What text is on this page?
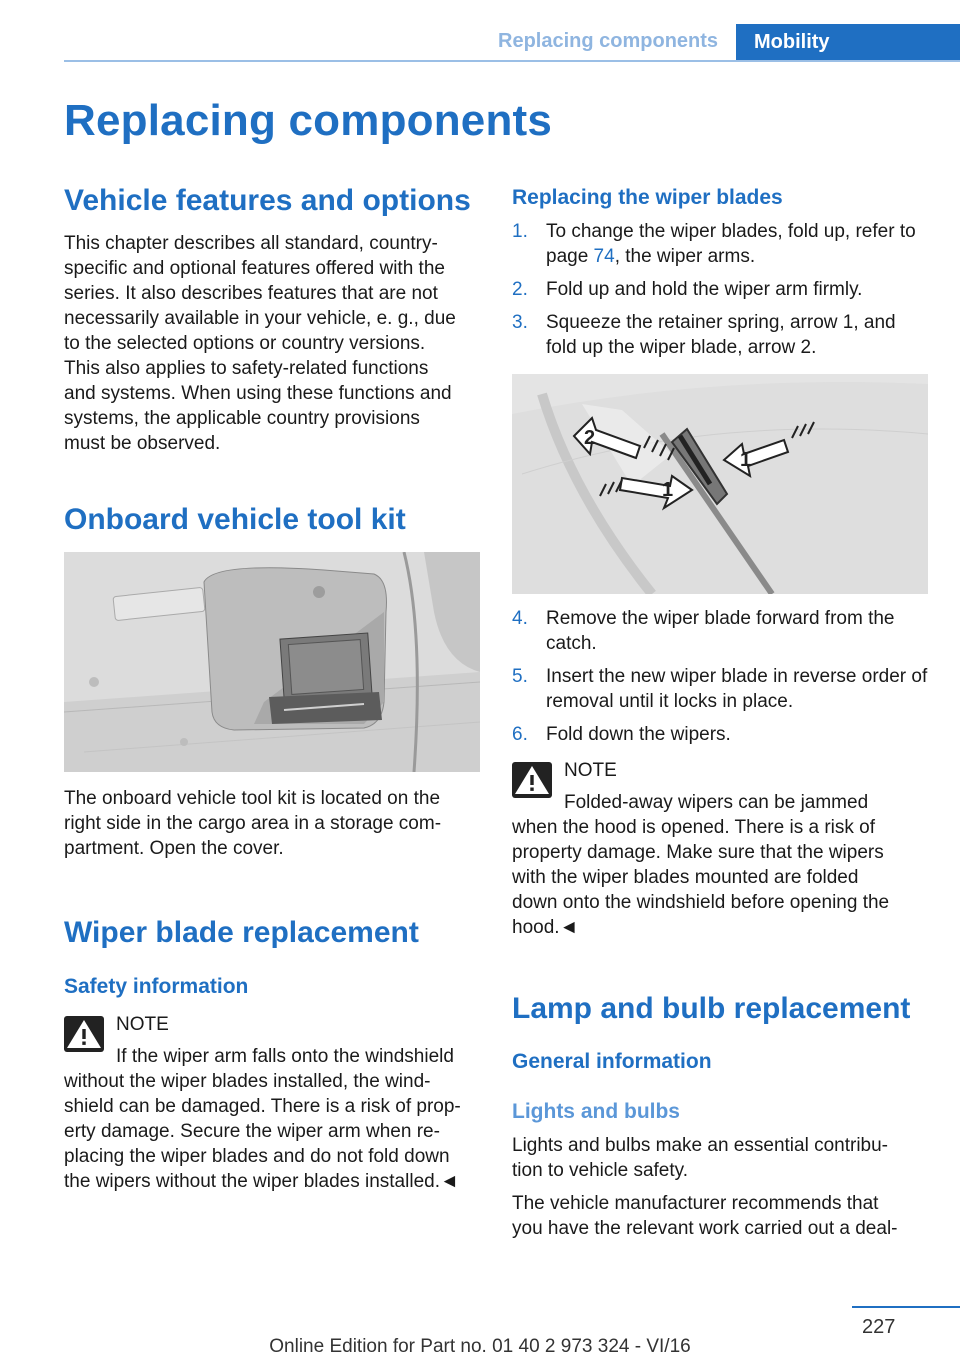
Replacing components Mobility
Replacing components
Vehicle features and options

This chapter describes all standard, country-
specific and optional features offered with the
series. It also describes features that are not
necessarily available in your vehicle, e. g., due
to the selected options or country versions.
This also applies to safety-related functions
and systems. When using these functions and
systems, the applicable country provisions
must be observed.

Onboard vehicle tool kit

The onboard vehicle tool kit is located on the
right side in the cargo area in a storage com-
partment. Open the cover.

Wiper blade replacement
Safety information
NOTE

If the wiper arm falls onto the windshield
without the wiper blades installed, the wind-
shield can be damaged. There is a risk of prop-
erty damage. Secure the wiper arm when re-
placing the wiper blades and do not fold down
the wipers without the wiper blades installed.◄

Replacing the wiper blades
1. To change the wiper blades, fold up, refer to page 74, the wiper arms.
2. Fold up and hold the wiper arm firmly.
3. Squeeze the retainer spring, arrow 1, and fold up the wiper blade, arrow 2.
2
1
1
4. Remove the wiper blade forward from the catch.
5. Insert the new wiper blade in reverse order of removal until it locks in place.
6. Fold down the wipers.
NOTE

Folded-away wipers can be jammed
when the hood is opened. There is a risk of
property damage. Make sure that the wipers
with the wiper blades mounted are folded
down onto the windshield before opening the
hood.◄

Lamp and bulb replacement
General information
Lights and bulbs

Lights and bulbs make an essential contribu-
tion to vehicle safety.

The vehicle manufacturer recommends that
you have the relevant work carried out a deal-

227
Online Edition for Part no. 01 40 2 973 324 - VI/16
